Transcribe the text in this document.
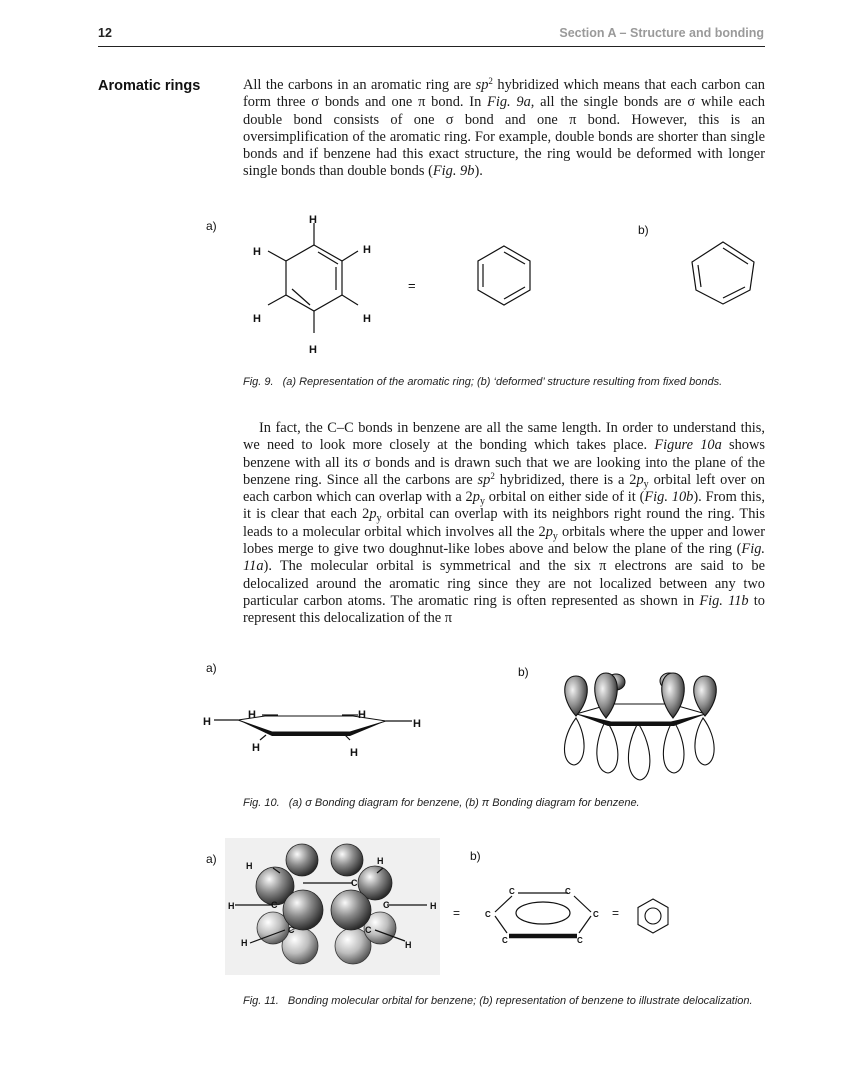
12	Section A – Structure and bonding
Aromatic rings	All the carbons in an aromatic ring are $sp^2$ hybridized which means that each carbon can form three σ bonds and one π bond. In Fig. 9a, all the single bonds are σ while each double bond consists of one σ bond and one π bond. However, this is an oversimplification of the aromatic ring. For example, double bonds are shorter than single bonds and if benzene had this exact structure, the ring would be deformed with longer single bonds than double bonds (Fig. 9b).

a)	b)
H
H
H
H
H
H
=

Fig. 9. (a) Representation of the aromatic ring; (b) ‘deformed’ structure resulting from fixed bonds.

In fact, the C–C bonds in benzene are all the same length. In order to understand this, we need to look more closely at the bonding which takes place. Figure 10a shows benzene with all its σ bonds and is drawn such that we are looking into the plane of the benzene ring. Since all the carbons are $sp^2$ hybridized, there is a $2p_y$ orbital left over on each carbon which can overlap with a $2p_y$ orbital on either side of it (Fig. 10b). From this, it is clear that each $2p_y$ orbital can overlap with its neighbors right round the ring. This leads to a molecular orbital which involves all the $2p_y$ orbitals where the upper and lower lobes merge to give two doughnut-like lobes above and below the plane of the ring (Fig. 11a). The molecular orbital is symmetrical and the six π electrons are said to be delocalized around the aromatic ring since they are not localized between any two particular carbon atoms. The aromatic ring is often represented as shown in Fig. 11b to represent this delocalization of the π

a)	b)
H	H
H	H
H	H

Fig. 10. (a) σ Bonding diagram for benzene, (b) π Bonding diagram for benzene.

a)	b)
H	H
H	H
H	H
C	C
C
C	C
=
C	C
C	C
C	C
=

Fig. 11. Bonding molecular orbital for benzene; (b) representation of benzene to illustrate delocalization.
